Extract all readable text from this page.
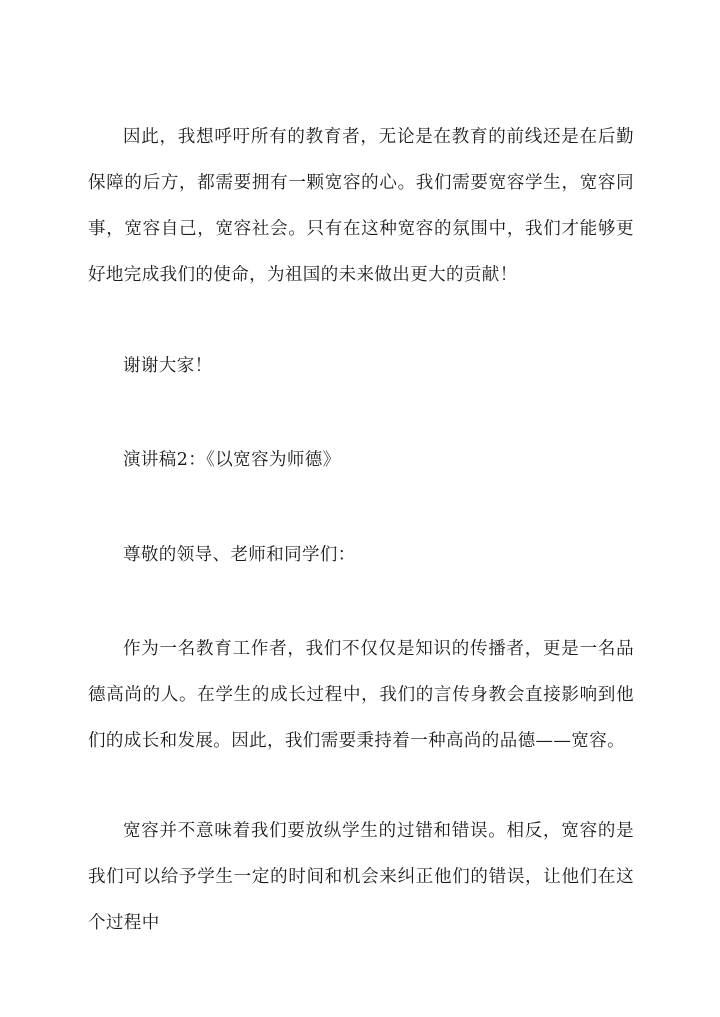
因此，我想呼吁所有的教育者，无论是在教育的前线还是在后勤保障的后方，都需要拥有一颗宽容的心。我们需要宽容学生，宽容同事，宽容自己，宽容社会。只有在这种宽容的氛围中，我们才能够更好地完成我们的使命，为祖国的未来做出更大的贡献！

谢谢大家！

演讲稿2：《以宽容为师德》

尊敬的领导、老师和同学们：

作为一名教育工作者，我们不仅仅是知识的传播者，更是一名品德高尚的人。在学生的成长过程中，我们的言传身教会直接影响到他们的成长和发展。因此，我们需要秉持着一种高尚的品德——宽容。

宽容并不意味着我们要放纵学生的过错和错误。相反，宽容的是我们可以给予学生一定的时间和机会来纠正他们的错误，让他们在这个过程中
